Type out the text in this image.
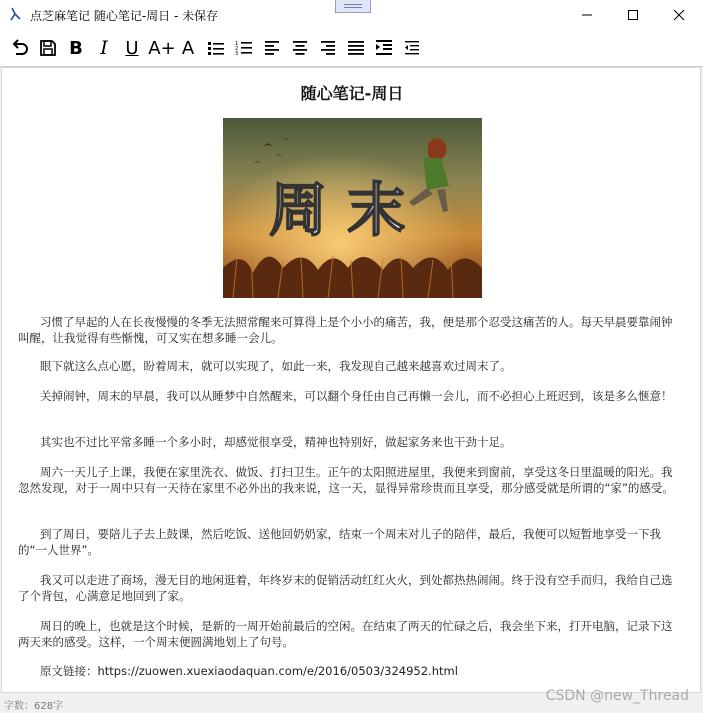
点芝麻笔记 随心笔记-周日 - 未保存
B I U A+ A	1
2
3
随心笔记-周日
周 末

习惯了早起的人在长夜慢慢的冬季无法照常醒来可算得上是个小小的痛苦，我，便是那个忍受这痛苦的人。每天早晨要靠闹钟叫醒，让我觉得有些惭愧，可又实在想多睡一会儿。

眼下就这么点心愿，盼着周末，就可以实现了，如此一来，我发现自己越来越喜欢过周末了。

关掉闹钟，周末的早晨，我可以从睡梦中自然醒来，可以翻个身任由自己再懒一会儿，而不必担心上班迟到，该是多么惬意！

其实也不过比平常多睡一个多小时，却感觉很享受，精神也特别好，做起家务来也干劲十足。

周六一天儿子上课，我便在家里洗衣、做饭、打扫卫生。正午的太阳照进屋里，我便来到窗前，享受这冬日里温暖的阳光。我忽然发现，对于一周中只有一天待在家里不必外出的我来说，这一天，显得异常珍贵而且享受，那分感受就是所谓的“家”的感受。

到了周日，要陪儿子去上鼓课，然后吃饭、送他回奶奶家，结束一个周末对儿子的陪伴，最后，我便可以短暂地享受一下我的“一人世界”。

我又可以走进了商场，漫无目的地闲逛着，年终岁末的促销活动红红火火，到处都热热闹闹。终于没有空手而归，我给自己选了个背包，心满意足地回到了家。

周日的晚上，也就是这个时候，是新的一周开始前最后的空闲。在结束了两天的忙碌之后，我会坐下来，打开电脑，记录下这两天来的感受。这样，一个周末便圆满地划上了句号。

原文链接：https://zuowen.xuexiaodaquan.com/e/2016/0503/324952.html

字数：628字
CSDN @new_Thread
